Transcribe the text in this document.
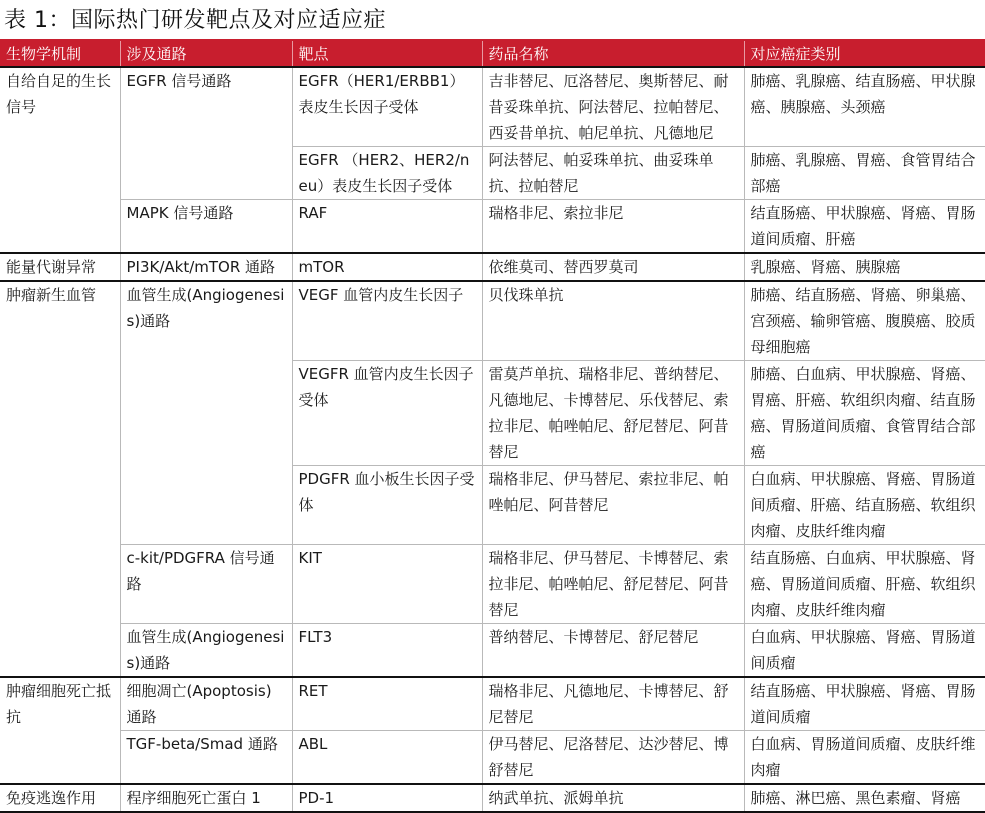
表 1：国际热门研发靶点及对应适应症
生物学机制	涉及通路	靶点	药品名称	对应癌症类别
自给自足的生长信号	EGFR 信号通路	EGFR（HER1/ERBB1）表皮生长因子受体	吉非替尼、厄洛替尼、奥斯替尼、耐昔妥珠单抗、阿法替尼、拉帕替尼、西妥昔单抗、帕尼单抗、凡德地尼	肺癌、乳腺癌、结直肠癌、甲状腺癌、胰腺癌、头颈癌
		EGFR （HER2、HER2/neu）表皮生长因子受体	阿法替尼、帕妥珠单抗、曲妥珠单抗、拉帕替尼	肺癌、乳腺癌、胃癌、食管胃结合部癌
	MAPK 信号通路	RAF	瑞格非尼、索拉非尼	结直肠癌、甲状腺癌、肾癌、胃肠道间质瘤、肝癌
能量代谢异常	PI3K/Akt/mTOR 通路	mTOR	依维莫司、替西罗莫司	乳腺癌、肾癌、胰腺癌
肿瘤新生血管	血管生成(Angiogenesis)通路	VEGF 血管内皮生长因子	贝伐珠单抗	肺癌、结直肠癌、肾癌、卵巢癌、宫颈癌、输卵管癌、腹膜癌、胶质母细胞癌
		VEGFR 血管内皮生长因子受体	雷莫芦单抗、瑞格非尼、普纳替尼、凡德地尼、卡博替尼、乐伐替尼、索拉非尼、帕唑帕尼、舒尼替尼、阿昔替尼	肺癌、白血病、甲状腺癌、肾癌、胃癌、肝癌、软组织肉瘤、结直肠癌、胃肠道间质瘤、食管胃结合部癌
		PDGFR 血小板生长因子受体	瑞格非尼、伊马替尼、索拉非尼、帕唑帕尼、阿昔替尼	白血病、甲状腺癌、肾癌、胃肠道间质瘤、肝癌、结直肠癌、软组织肉瘤、皮肤纤维肉瘤
	c-kit/PDGFRA 信号通路	KIT	瑞格非尼、伊马替尼、卡博替尼、索拉非尼、帕唑帕尼、舒尼替尼、阿昔替尼	结直肠癌、白血病、甲状腺癌、肾癌、胃肠道间质瘤、肝癌、软组织肉瘤、皮肤纤维肉瘤
	血管生成(Angiogenesis)通路	FLT3	普纳替尼、卡博替尼、舒尼替尼	白血病、甲状腺癌、肾癌、胃肠道间质瘤
肿瘤细胞死亡抵抗	细胞凋亡(Apoptosis)通路	RET	瑞格非尼、凡德地尼、卡博替尼、舒尼替尼	结直肠癌、甲状腺癌、肾癌、胃肠道间质瘤
	TGF-beta/Smad 通路	ABL	伊马替尼、尼洛替尼、达沙替尼、博舒替尼	白血病、胃肠道间质瘤、皮肤纤维肉瘤
免疫逃逸作用	程序细胞死亡蛋白 1	PD-1	纳武单抗、派姆单抗	肺癌、淋巴癌、黑色素瘤、肾癌
